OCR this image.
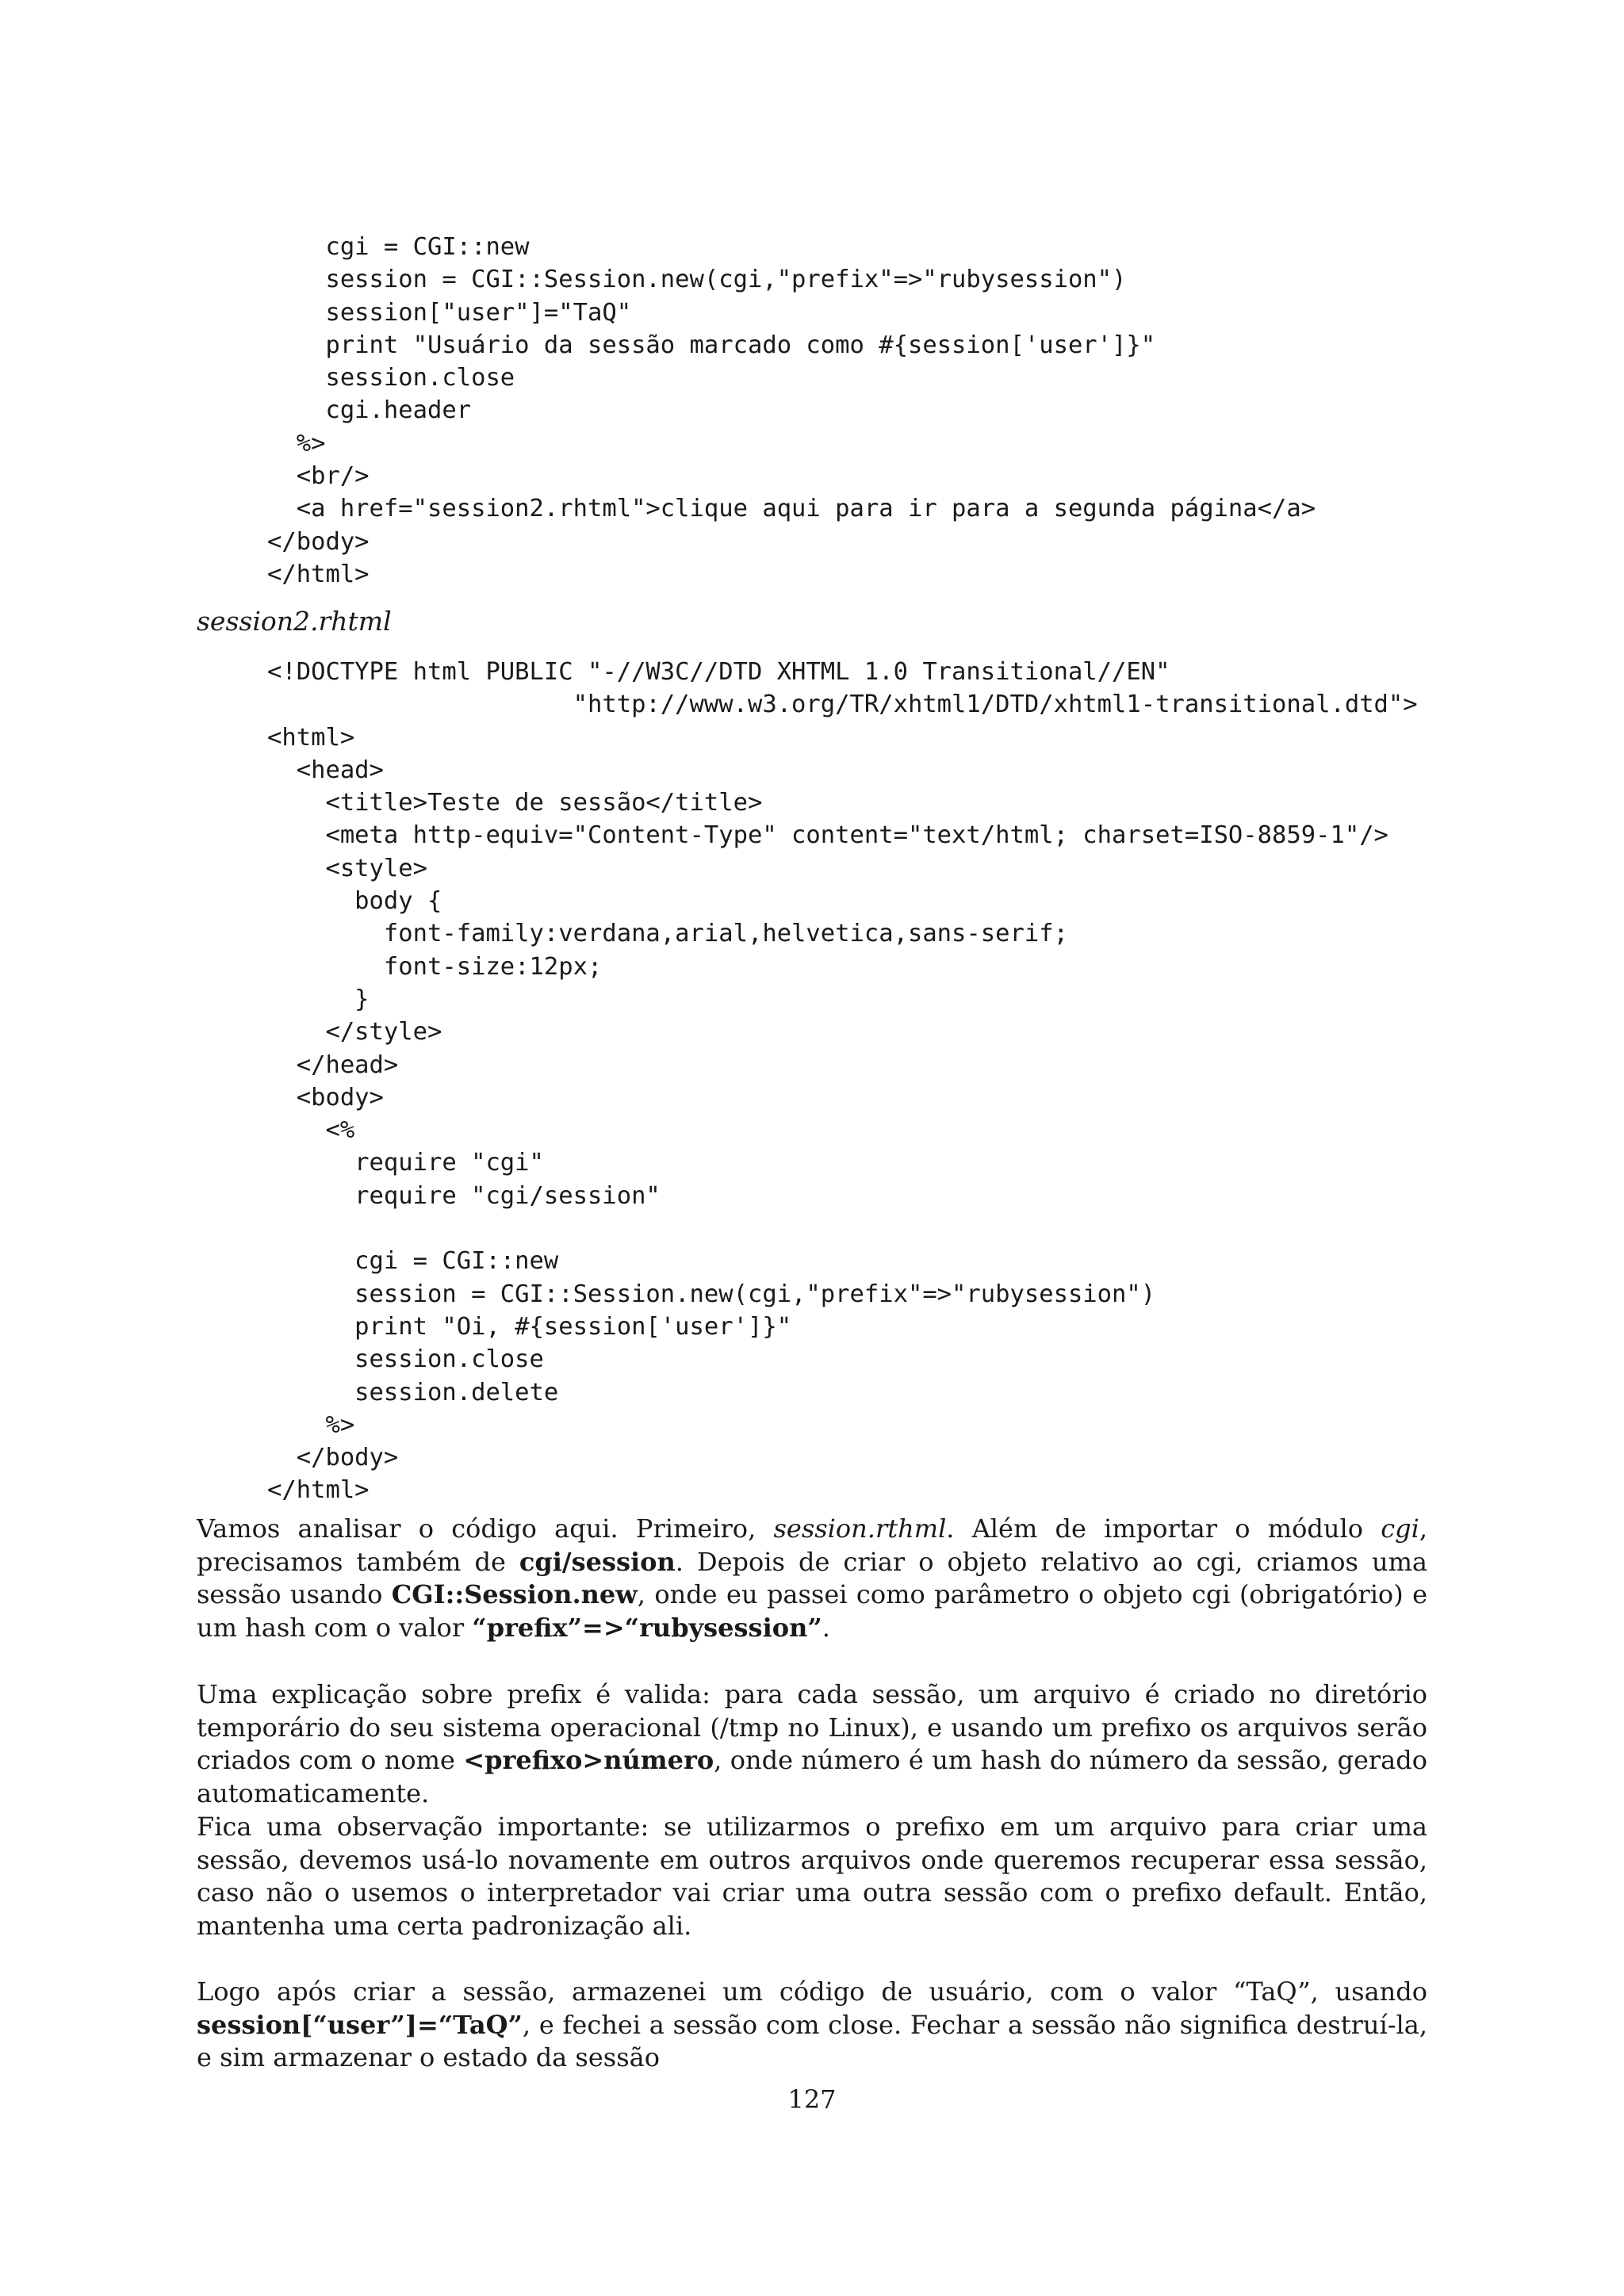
cgi = CGI::new
session = CGI::Session.new(cgi,"prefix"=>"rubysession")
session["user"]="TaQ"
print "Usuário da sessão marcado como #{session['user']}"
session.close
cgi.header
%>
<br/>
<a href="session2.rhtml">clique aqui para ir para a segunda página</a>
</body>
</html>
session2.rhtml
<!DOCTYPE html PUBLIC "-//W3C//DTD XHTML 1.0 Transitional//EN"
"http://www.w3.org/TR/xhtml1/DTD/xhtml1-transitional.dtd">
<html>
<head>
<title>Teste de sessão</title>
<meta http-equiv="Content-Type" content="text/html; charset=ISO-8859-1"/>
<style>
body {
font-family:verdana,arial,helvetica,sans-serif;
font-size:12px;
}
</style>
</head>
<body>
<%
require "cgi"
require "cgi/session"
cgi = CGI::new
session = CGI::Session.new(cgi,"prefix"=>"rubysession")
print "Oi, #{session['user']}"
session.close
session.delete
%>
</body>
</html>

Vamos analisar o código aqui. Primeiro, session.rthml. Além de importar o módulo cgi, precisamos também de cgi/session. Depois de criar o objeto relativo ao cgi, criamos uma sessão usando CGI::Session.new, onde eu passei como parâmetro o objeto cgi (obrigatório) e um hash com o valor “prefix”=>“rubysession”.

Uma explicação sobre prefix é valida: para cada sessão, um arquivo é criado no diretório temporário do seu sistema operacional (/tmp no Linux), e usando um prefixo os arquivos serão criados com o nome <prefixo>número, onde número é um hash do número da sessão, gerado automaticamente.

Fica uma observação importante: se utilizarmos o prefixo em um arquivo para criar uma sessão, devemos usá-lo novamente em outros arquivos onde queremos recuperar essa sessão, caso não o usemos o interpretador vai criar uma outra sessão com o prefixo default. Então, mantenha uma certa padronização ali.

Logo após criar a sessão, armazenei um código de usuário, com o valor “TaQ”, usando session[“user”]=“TaQ”, e fechei a sessão com close. Fechar a sessão não significa destruí-la, e sim armazenar o estado da sessão

127
